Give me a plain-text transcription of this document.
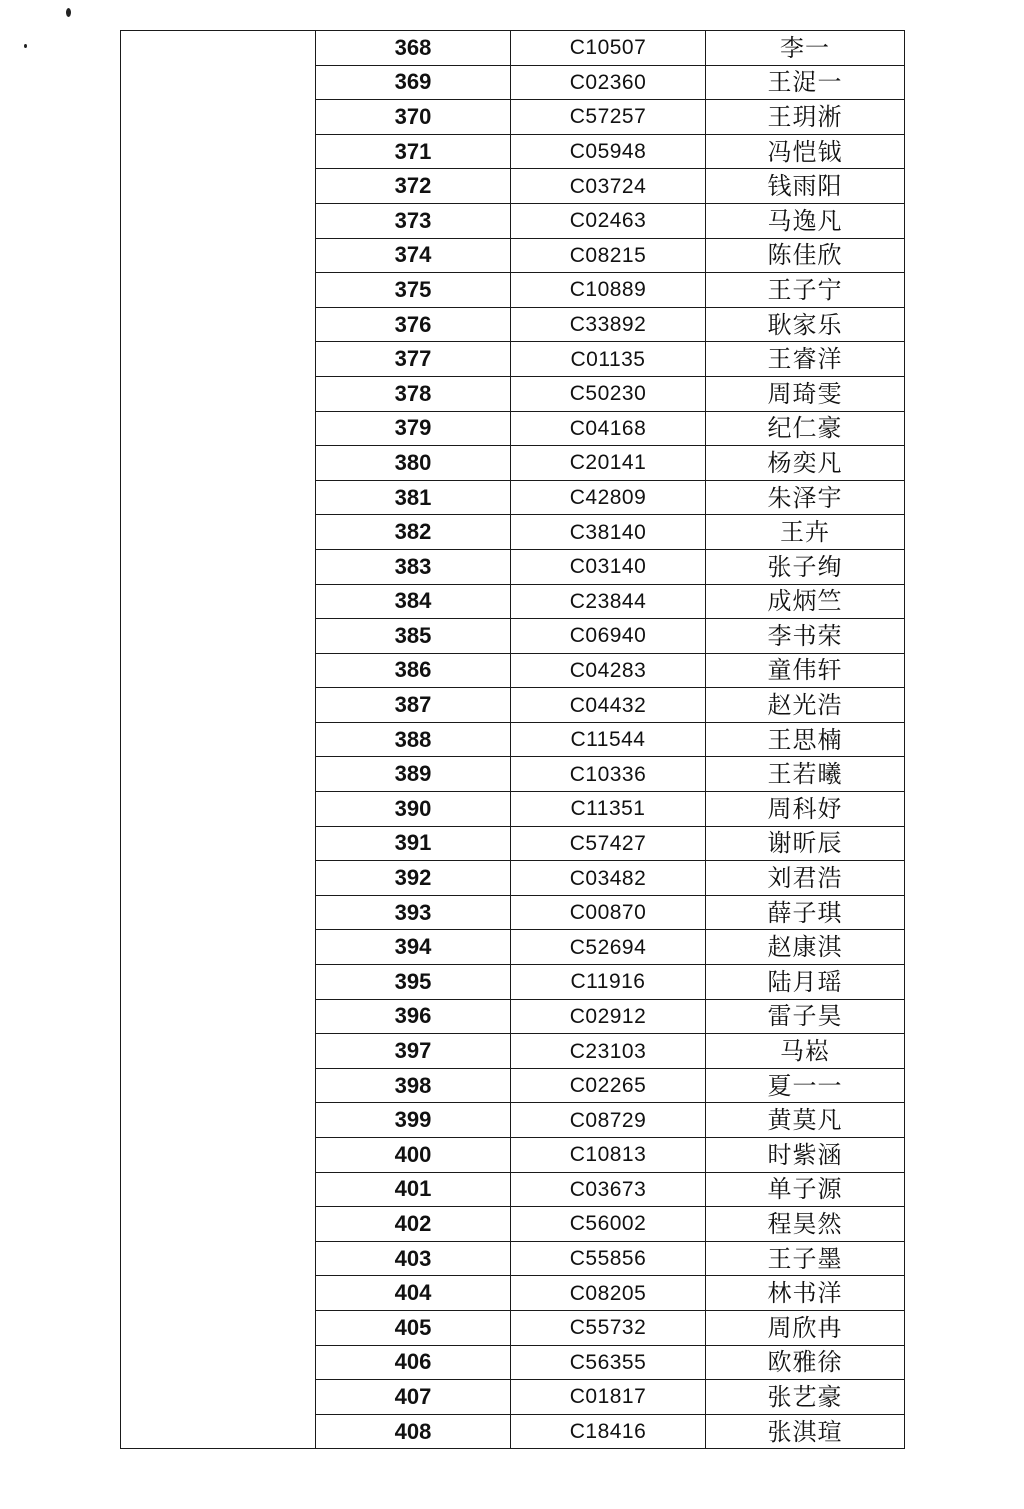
	368	C10507	李一
	369	C02360	王浞一
	370	C57257	王玥淅
	371	C05948	冯恺钺
	372	C03724	钱雨阳
	373	C02463	马逸凡
	374	C08215	陈佳欣
	375	C10889	王子宁
	376	C33892	耿家乐
	377	C01135	王睿洋
	378	C50230	周琦雯
	379	C04168	纪仁豪
	380	C20141	杨奕凡
	381	C42809	朱泽宇
	382	C38140	王卉
	383	C03140	张子绚
	384	C23844	成炳竺
	385	C06940	李书荣
	386	C04283	童伟轩
	387	C04432	赵光浩
	388	C11544	王思楠
	389	C10336	王若曦
	390	C11351	周科妤
	391	C57427	谢昕辰
	392	C03482	刘君浩
	393	C00870	薛子琪
	394	C52694	赵康淇
	395	C11916	陆月瑶
	396	C02912	雷子昊
	397	C23103	马崧
	398	C02265	夏一一
	399	C08729	黄莫凡
	400	C10813	时紫涵
	401	C03673	单子源
	402	C56002	程昊然
	403	C55856	王子墨
	404	C08205	林书洋
	405	C55732	周欣冉
	406	C56355	欧雅徐
	407	C01817	张艺豪
	408	C18416	张淇瑄
